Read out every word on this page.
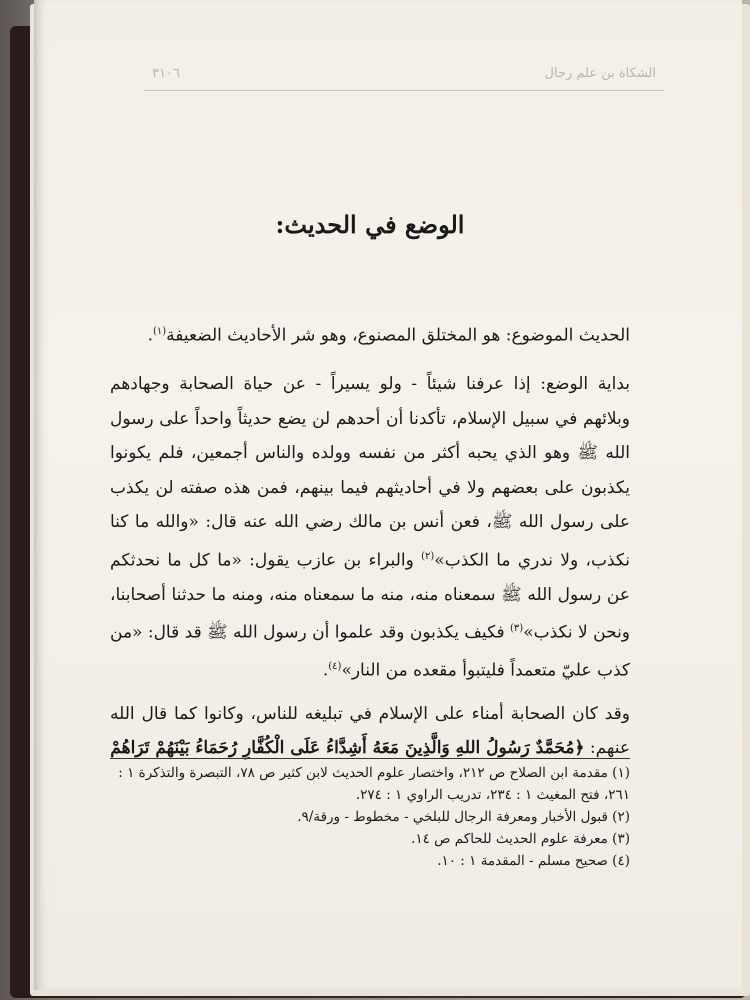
٣١٠٦	الشكاة بن علم رجال
الوضع في الحديث:

الحديث الموضوع: هو المختلق المصنوع، وهو شر الأحاديث الضعيفة$^{(١)}$.

بداية الوضع: إذا عرفنا شيئاً - ولو يسيراً - عن حياة الصحابة وجهادهم وبلائهم في سبيل الإسلام، تأكدنا أن أحدهم لن يضع حديثاً واحداً على رسول الله ﷺ وهو الذي يحبه أكثر من نفسه وولده والناس أجمعين، فلم يكونوا يكذبون على بعضهم ولا في أحاديثهم فيما بينهم، فمن هذه صفته لن يكذب على رسول الله ﷺ، فعن أنس بن مالك رضي الله عنه قال: «والله ما كنا نكذب، ولا ندري ما الكذب»$^{(٢)}$ والبراء بن عازب يقول: «ما كل ما نحدثكم عن رسول الله ﷺ سمعناه منه، منه ما سمعناه منه، ومنه ما حدثنا أصحابنا، ونحن لا نكذب»$^{(٣)}$ فكيف يكذبون وقد علموا أن رسول الله ﷺ قد قال: «من كذب عليّ متعمداً فليتبوأ مقعده من النار»$^{(٤)}$.

وقد كان الصحابة أمناء على الإسلام في تبليغه للناس، وكانوا كما قال الله عنهم: ﴿مُحَمَّدٌ رَسُولُ اللهِ وَالَّذِينَ مَعَهُ أَشِدَّاءُ عَلَى الْكُفَّارِ رُحَمَاءُ بَيْنَهُمْ تَرَاهُمْ

(١) مقدمة ابن الصلاح ص ٢١٢، واختصار علوم الحديث لابن كثير ص ٧٨، التبصرة والتذكرة ١ : ٢٦١، فتح المغيث ١ : ٢٣٤، تدريب الراوي ١ : ٢٧٤.
(٢) قبول الأخبار ومعرفة الرجال للبلخي - مخطوط - ورقة/٩.
(٣) معرفة علوم الحديث للحاكم ص ١٤.
(٤) صحيح مسلم - المقدمة ١ : ١٠.
